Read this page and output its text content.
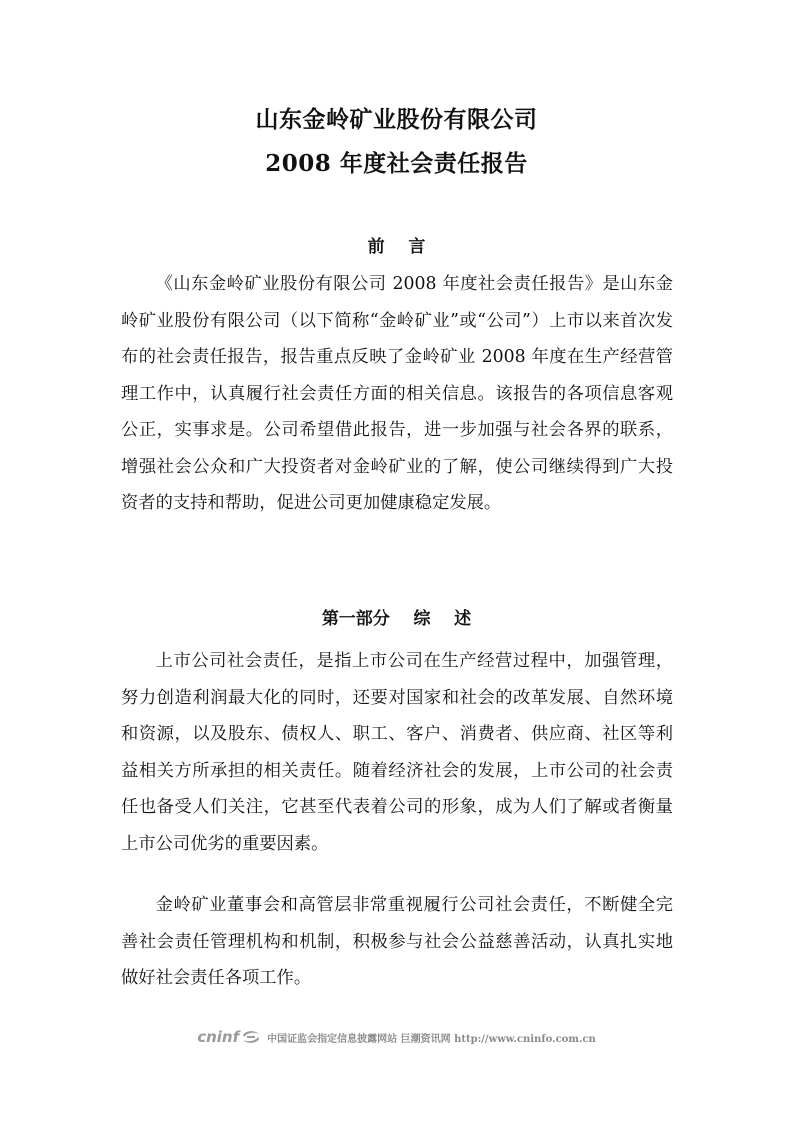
山东金岭矿业股份有限公司
2008 年度社会责任报告
前    言

《山东金岭矿业股份有限公司 2008 年度社会责任报告》是山东金岭矿业股份有限公司（以下简称“金岭矿业”或“公司”）上市以来首次发布的社会责任报告，报告重点反映了金岭矿业 2008 年度在生产经营管理工作中，认真履行社会责任方面的相关信息。该报告的各项信息客观公正，实事求是。公司希望借此报告，进一步加强与社会各界的联系，增强社会公众和广大投资者对金岭矿业的了解，使公司继续得到广大投资者的支持和帮助，促进公司更加健康稳定发展。

第一部分    综    述

上市公司社会责任，是指上市公司在生产经营过程中，加强管理，努力创造利润最大化的同时，还要对国家和社会的改革发展、自然环境和资源，以及股东、债权人、职工、客户、消费者、供应商、社区等利益相关方所承担的相关责任。随着经济社会的发展，上市公司的社会责任也备受人们关注，它甚至代表着公司的形象，成为人们了解或者衡量上市公司优劣的重要因素。

金岭矿业董事会和高管层非常重视履行公司社会责任，不断健全完善社会责任管理机构和机制，积极参与社会公益慈善活动，认真扎实地做好社会责任各项工作。

cninf	中国证监会指定信息披露网站 巨潮资讯网 http://www.cninfo.com.cn
